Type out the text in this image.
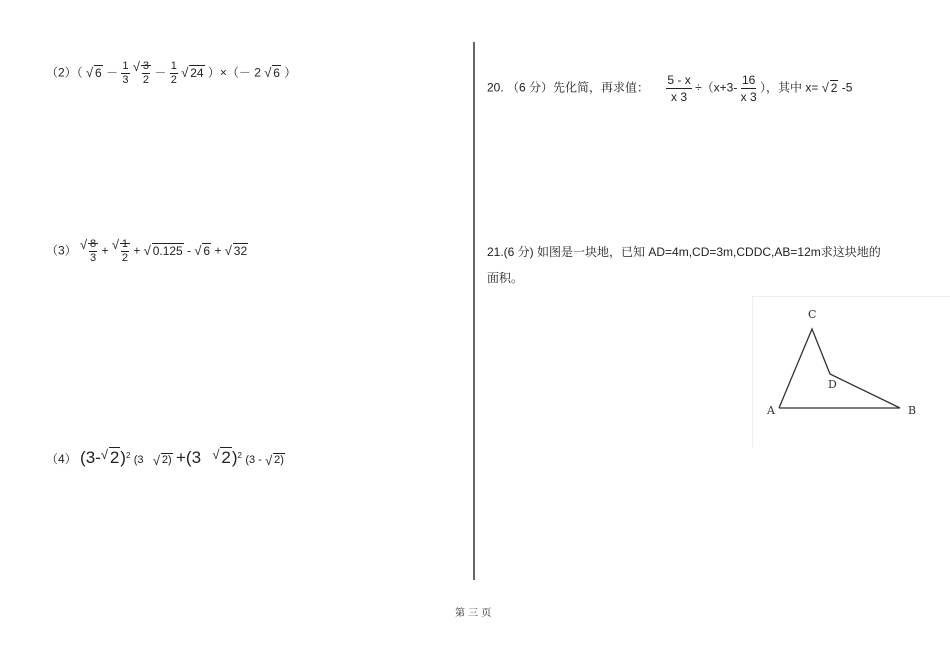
（2）（ √ $6 - \frac{1}{3}$
√ $\frac{3}{2} - \frac{1}{2}$ √ 24 ）×（－ 2 √ 6 ）
（3） √ $\frac{8}{3}$ + √ $\frac{1}{2}$ + √ 0.125 - √ 6 + √ 32
（4） (3- √ 2)$^2$ (3 √ 2) +(3 √ 2)$^2$ (3 - √ 2)
20. （6 分）先化简，再求值： $\frac{5 - x}{x 3} \div(x+3- \frac{16}{x 3}$ ），其中 x= √ 2 -5
21.(6 分) 如图是一块地，已知 AD=4m,CD=3m,CDDC,AB=12m求这块地的
面积。
A	B
C
D
第 三 页
